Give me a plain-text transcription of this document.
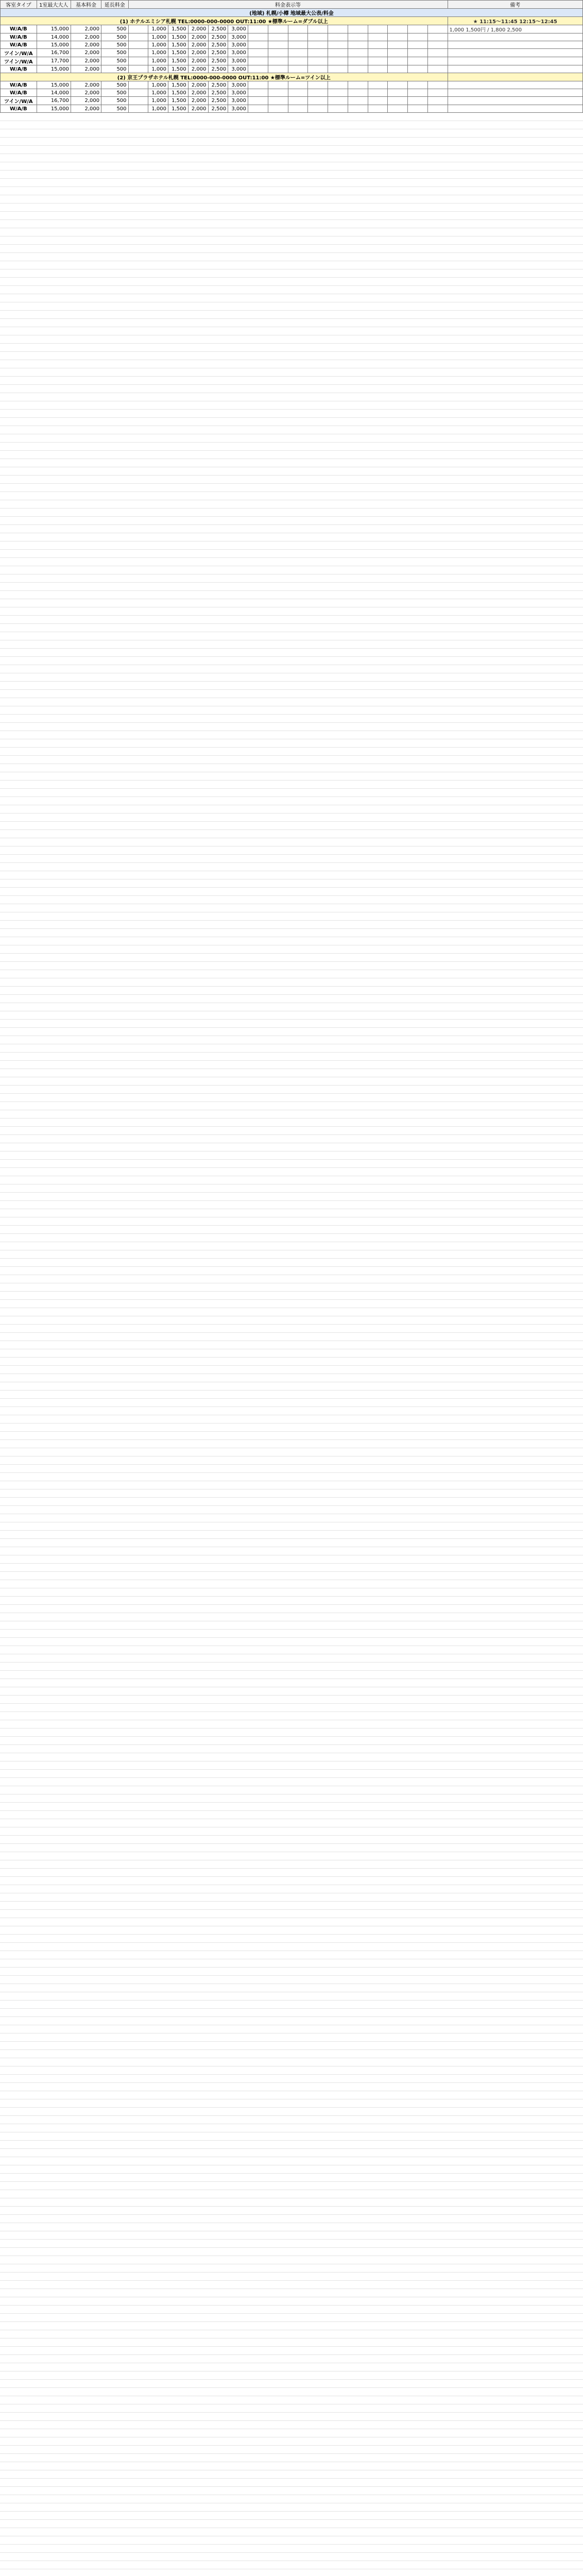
客室タイプ	1室最大大人	基本料金	延長料金	料金表示等																備考
(地域) 札幌/小樽 地域最大公表/料金																				
(1) ホテルエミシア札幌 TEL:0000-000-0000 OUT:11:00 ★標準ルーム=ダブル以上																				★ 11:15〜11:45 12:15〜12:45
W/A/B	15,000	2,000	500		1,000	1,500	2,000	2,500	3,000											1,000 1,500円 / 1,800 2,500
W/A/B	14,000	2,000	500		1,000	1,500	2,000	2,500	3,000											
W/A/B	15,000	2,000	500		1,000	1,500	2,000	2,500	3,000											
ツイン/W/A	16,700	2,000	500		1,000	1,500	2,000	2,500	3,000											
ツイン/W/A	17,700	2,000	500		1,000	1,500	2,000	2,500	3,000											
W/A/B	15,000	2,000	500		1,000	1,500	2,000	2,500	3,000											
(2) 京王プラザホテル札幌 TEL:0000-000-0000 OUT:11:00 ★標準ルーム=ツイン以上																				
W/A/B	15,000	2,000	500		1,000	1,500	2,000	2,500	3,000											
W/A/B	14,000	2,000	500		1,000	1,500	2,000	2,500	3,000											
ツイン/W/A	16,700	2,000	500		1,000	1,500	2,000	2,500	3,000											
W/A/B	15,000	2,000	500		1,000	1,500	2,000	2,500	3,000											
